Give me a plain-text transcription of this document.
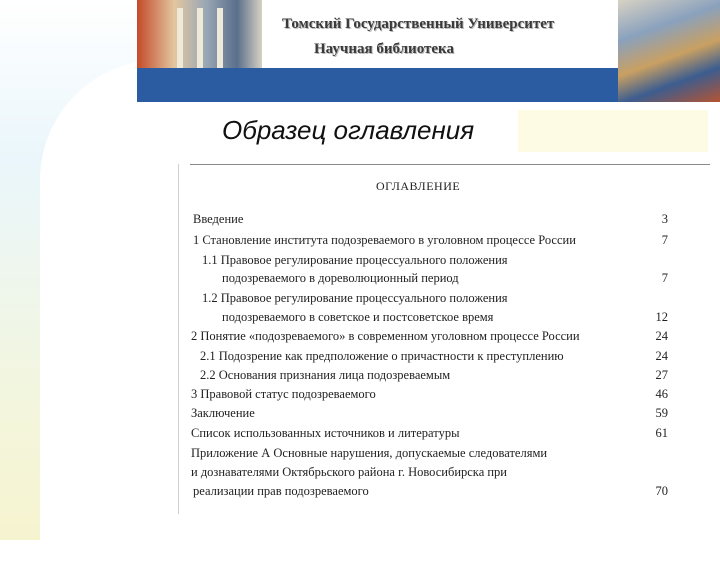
Томский Государственный Университет
Научная библиотека
Образец оглавления
ОГЛАВЛЕНИЕ
Введение	3
1 Становление института подозреваемого в уголовном процессе России	7
1.1 Правовое регулирование процессуального положения
подозреваемого в дореволюционный период	7
1.2 Правовое регулирование процессуального положения
подозреваемого в советское и постсоветское время	12
2 Понятие «подозреваемого» в современном уголовном процессе России	24
2.1 Подозрение как предположение о причастности к преступлению	24
2.2 Основания признания лица подозреваемым	27
3 Правовой статус подозреваемого	46
Заключение	59
Список использованных источников и литературы	61
Приложение А Основные нарушения, допускаемые следователями
и дознавателями Октябрьского района г. Новосибирска при
реализации прав подозреваемого	70
